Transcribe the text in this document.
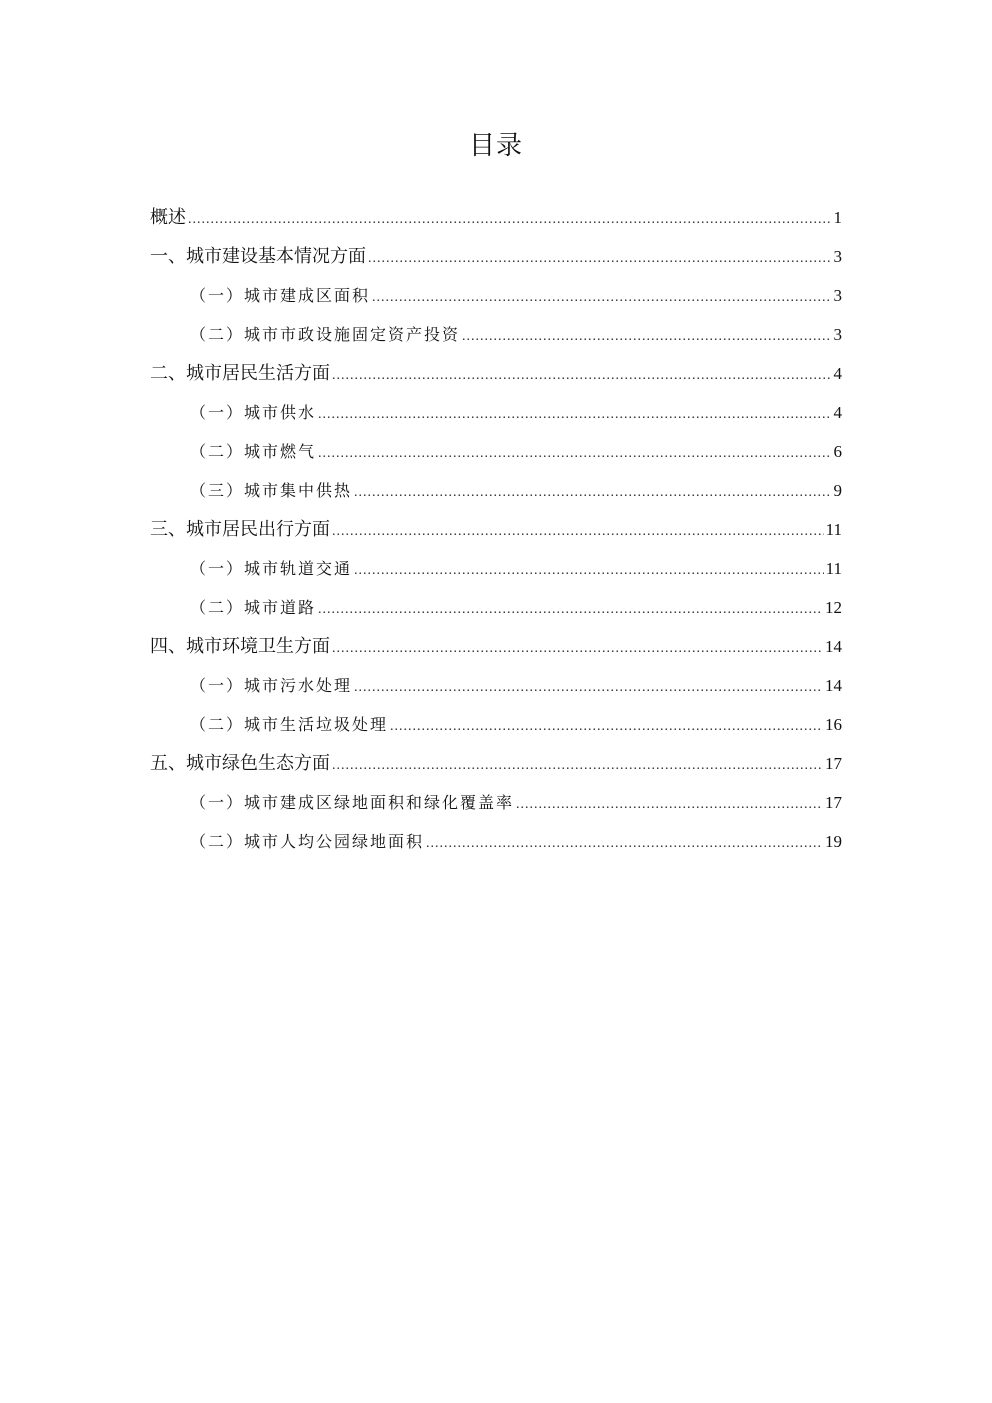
目录
概述 .....	1
一、城市建设基本情况方面 .....	3
（一）城市建成区面积 .....	3
（二）城市市政设施固定资产投资 .....	3
二、城市居民生活方面 .....	4
（一）城市供水 .....	4
（二）城市燃气 .....	6
（三）城市集中供热 .....	9
三、城市居民出行方面 .....	11
（一）城市轨道交通 .....	11
（二）城市道路 .....	12
四、城市环境卫生方面 .....	14
（一）城市污水处理 .....	14
（二）城市生活垃圾处理 .....	16
五、城市绿色生态方面 .....	17
（一）城市建成区绿地面积和绿化覆盖率 .....	17
（二）城市人均公园绿地面积 .....	19
